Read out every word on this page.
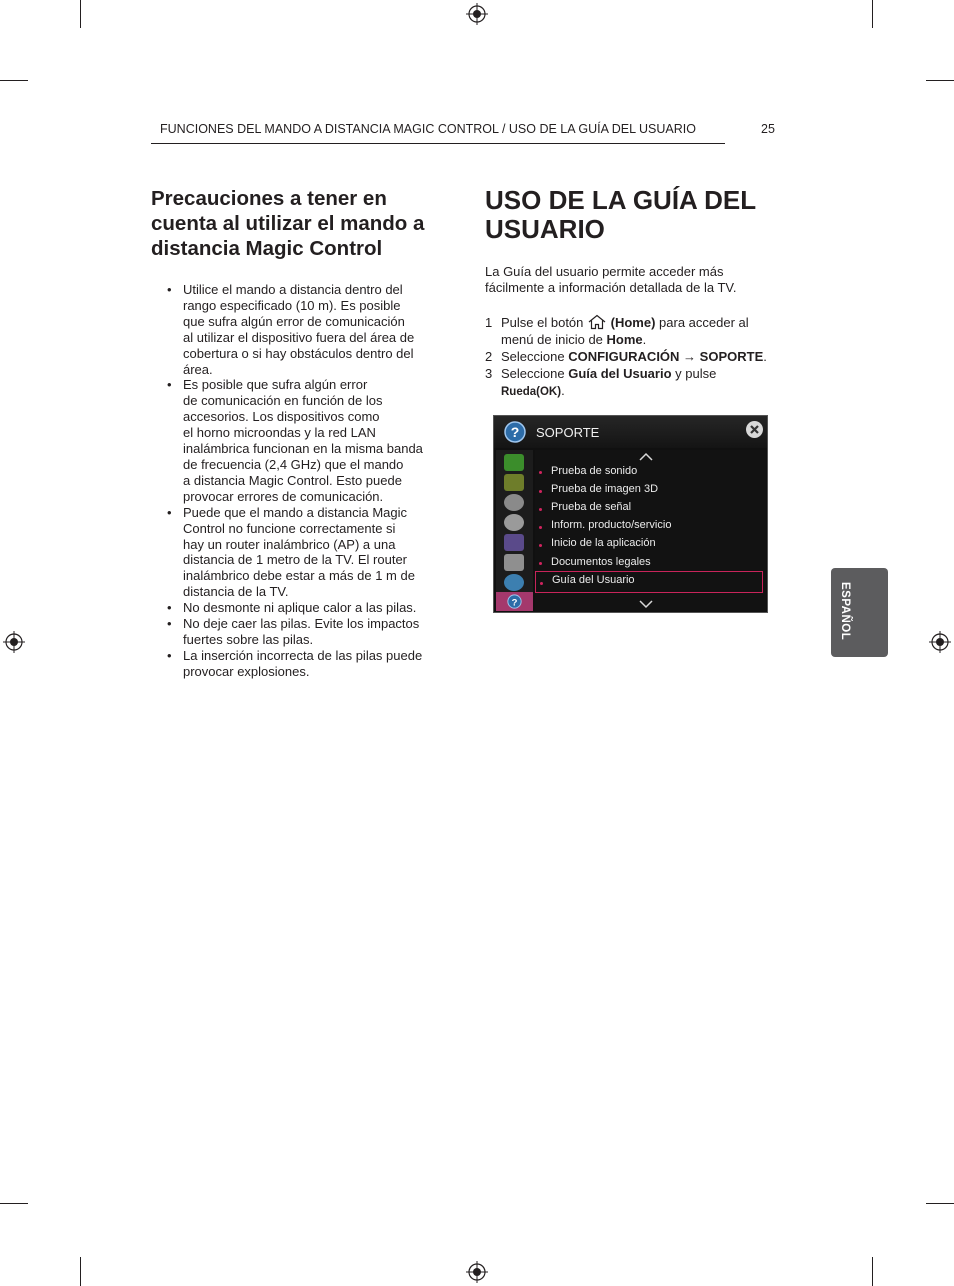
FUNCIONES DEL MANDO A DISTANCIA MAGIC CONTROL / USO DE LA GUÍA DEL USUARIO	25
Precauciones a tener en cuenta al utilizar el mando a distancia Magic Control
• Utilice el mando a distancia dentro del
rango especificado (10 m). Es posible
que sufra algún error de comunicación
al utilizar el dispositivo fuera del área de
cobertura o si hay obstáculos dentro del
área.
• Es posible que sufra algún error
de comunicación en función de los
accesorios. Los dispositivos como
el horno microondas y la red LAN
inalámbrica funcionan en la misma banda
de frecuencia (2,4 GHz) que el mando
a distancia Magic Control. Esto puede
provocar errores de comunicación.
• Puede que el mando a distancia Magic
Control no funcione correctamente si
hay un router inalámbrico (AP) a una
distancia de 1 metro de la TV. El router
inalámbrico debe estar a más de 1 m de
distancia de la TV.
• No desmonte ni aplique calor a las pilas.
• No deje caer las pilas. Evite los impactos
fuertes sobre las pilas.
• La inserción incorrecta de las pilas puede
provocar explosiones.
USO DE LA GUÍA DEL USUARIO
La Guía del usuario permite acceder más
fácilmente a información detallada de la TV.
1 Pulse el botón  (Home) para acceder al
menú de inicio de Home.
2 Seleccione CONFIGURACIÓN → SOPORTE.
3 Seleccione Guía del Usuario y pulse
Rueda(OK).
? SOPORTE
?
Prueba de sonido
Prueba de imagen 3D
Prueba de señal
Inform. producto/servicio
Inicio de la aplicación
Documentos legales
Guía del Usuario
ESPAÑOL
